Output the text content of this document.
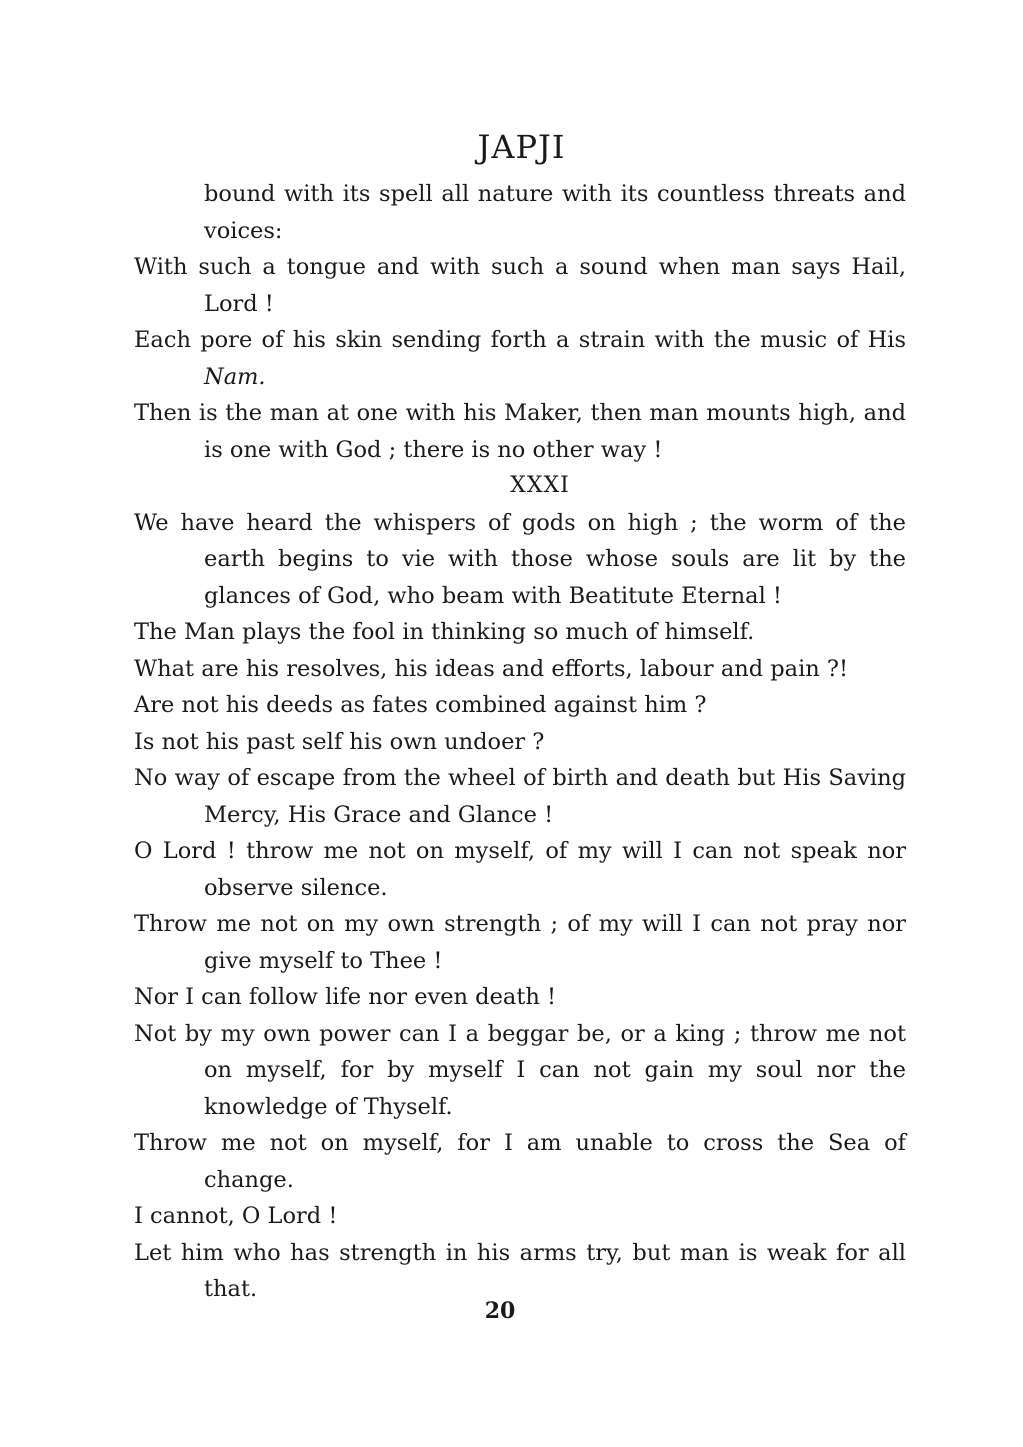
JAPJI

bound with its spell all nature with its countless threats and voices:

With such a tongue and with such a sound when man says Hail, Lord !

Each pore of his skin sending forth a strain with the music of His Nam.

Then is the man at one with his Maker, then man mounts high, and is one with God ; there is no other way !

XXXI

We have heard the whispers of gods on high ; the worm of the earth begins to vie with those whose souls are lit by the glances of God, who beam with Beatitute Eternal !

The Man plays the fool in thinking so much of himself.

What are his resolves, his ideas and efforts, labour and pain ?!

Are not his deeds as fates combined against him ?

Is not his past self his own undoer ?

No way of escape from the wheel of birth and death but His Saving Mercy, His Grace and Glance !

O Lord ! throw me not on myself, of my will I can not speak nor observe silence.

Throw me not on my own strength ; of my will I can not pray nor give myself to Thee !

Nor I can follow life nor even death !

Not by my own power can I a beggar be, or a king ; throw me not on myself, for by myself I can not gain my soul nor the knowledge of Thyself.

Throw me not on myself, for I am unable to cross the Sea of change.

I cannot, O Lord !

Let him who has strength in his arms try, but man is weak for all that.

20
